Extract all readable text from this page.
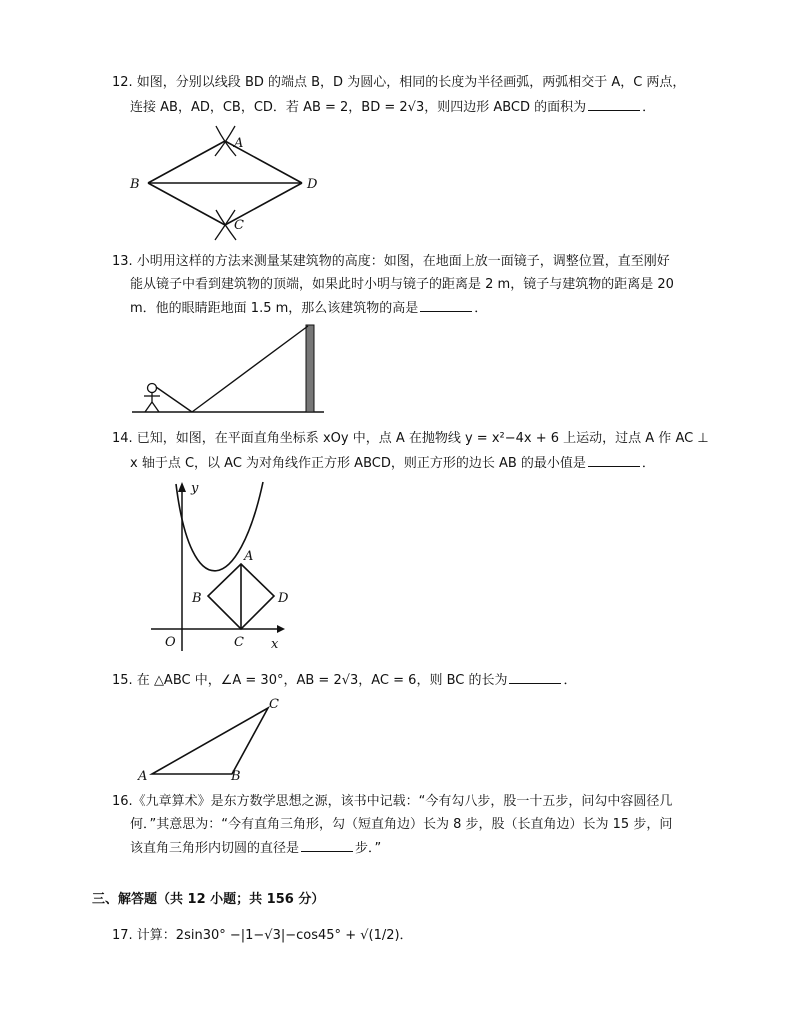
12. 如图，分别以线段 BD 的端点 B，D 为圆心，相同的长度为半径画弧，两弧相交于 A，C 两点，
连接 AB，AD，CB，CD．若 AB = 2，BD = 2√3，则四边形 ABCD 的面积为	．
A
B
C
D
13. 小明用这样的方法来测量某建筑物的高度：如图，在地面上放一面镜子，调整位置，直至刚好
能从镜子中看到建筑物的顶端，如果此时小明与镜子的距离是 2 m，镜子与建筑物的距离是 20
m．他的眼睛距地面 1.5 m，那么该建筑物的高是	．
14. 已知，如图，在平面直角坐标系 xOy 中，点 A 在抛物线 y = x²−4x + 6 上运动，过点 A 作 AC ⊥
x 轴于点 C，以 AC 为对角线作正方形 ABCD，则正方形的边长 AB 的最小值是	．
y
x
O
A
B
C
D
15. 在 △ABC 中，∠A = 30°，AB = 2√3，AC = 6，则 BC 的长为	．
A	B
C
16.《九章算术》是东方数学思想之源，该书中记载：“今有勾八步，股一十五步，问勾中容圆径几
何．”其意思为：“今有直角三角形，勾（短直角边）长为 8 步，股（长直角边）长为 15 步，问
该直角三角形内切圆的直径是	步．”
三、解答题（共 12 小题；共 156 分）
17. 计算：2sin30° −|1−√3|−cos45° + √(1/2)．
